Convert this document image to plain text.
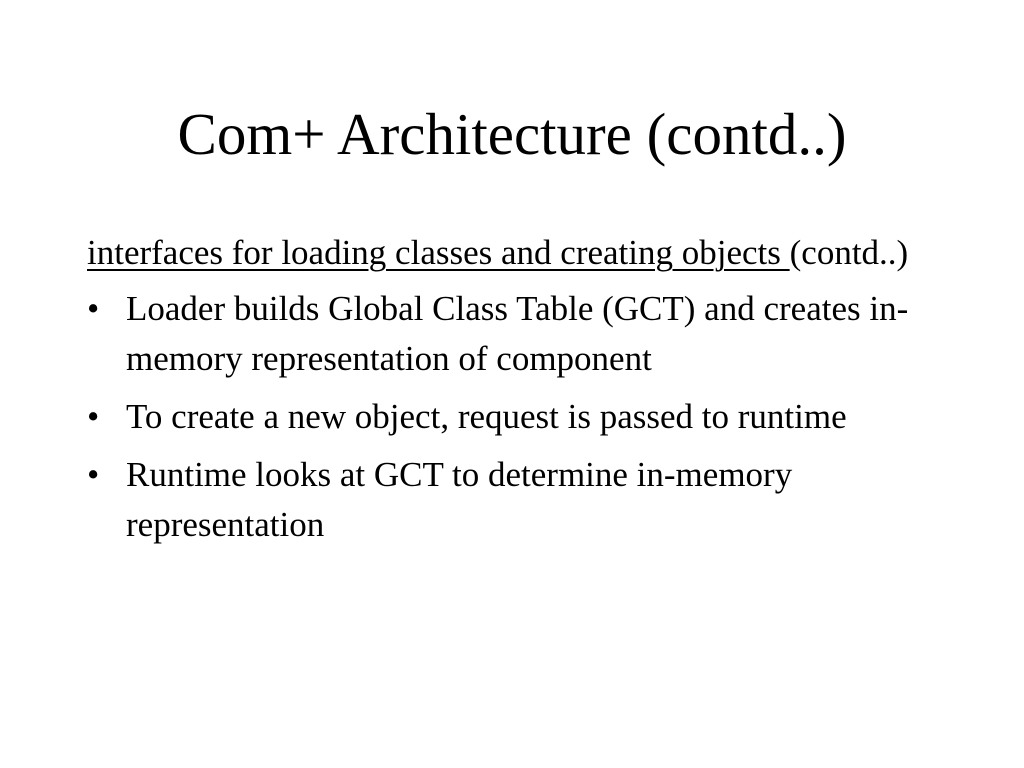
Com+ Architecture (contd..)

interfaces for loading classes and creating objects (contd..)

• Loader builds Global Class Table (GCT) and creates in-memory representation of component
• To create a new object, request is passed to runtime
• Runtime looks at GCT to determine in-memory representation
